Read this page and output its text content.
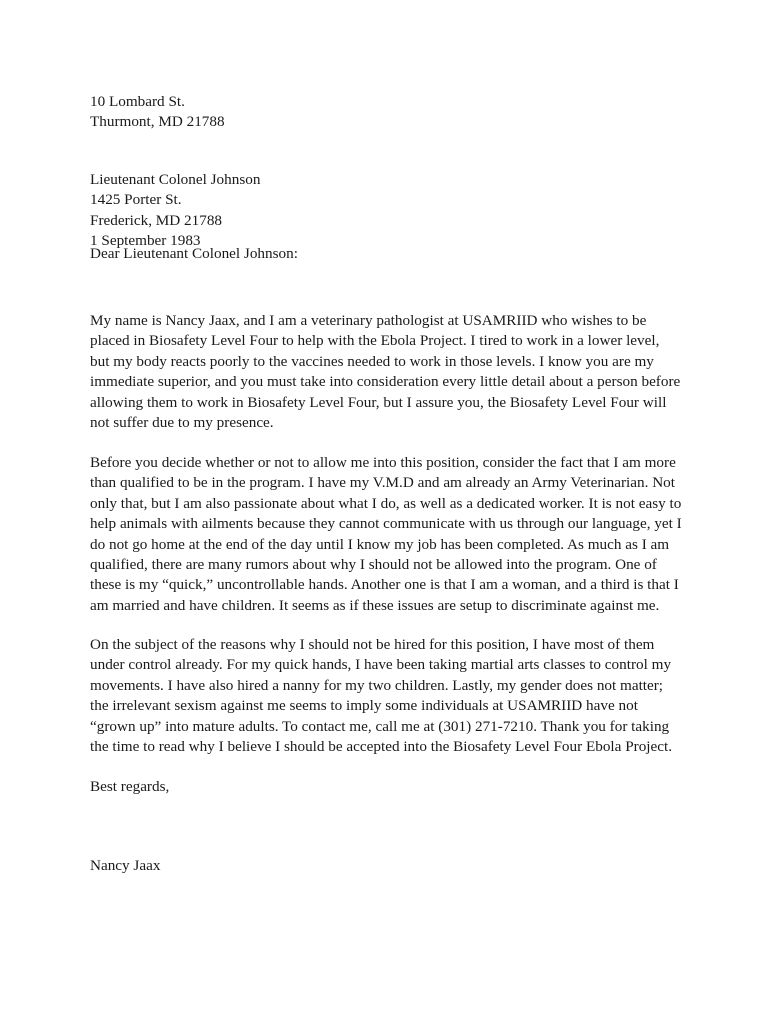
10 Lombard St.
Thurmont, MD 21788
Lieutenant Colonel Johnson
1425 Porter St.
Frederick, MD 21788
1 September 1983
Dear Lieutenant Colonel Johnson:
My name is Nancy Jaax, and I am a veterinary pathologist at USAMRIID who wishes to be
placed in Biosafety Level Four to help with the Ebola Project. I tired to work in a lower level,
but my body reacts poorly to the vaccines needed to work in those levels. I know you are my
immediate superior, and you must take into consideration every little detail about a person before
allowing them to work in Biosafety Level Four, but I assure you, the Biosafety Level Four will
not suffer due to my presence.
Before you decide whether or not to allow me into this position, consider the fact that I am more
than qualified to be in the program. I have my V.M.D and am already an Army Veterinarian. Not
only that, but I am also passionate about what I do, as well as a dedicated worker. It is not easy to
help animals with ailments because they cannot communicate with us through our language, yet I
do not go home at the end of the day until I know my job has been completed. As much as I am
qualified, there are many rumors about why I should not be allowed into the program. One of
these is my “quick,” uncontrollable hands. Another one is that I am a woman, and a third is that I
am married and have children. It seems as if these issues are setup to discriminate against me.
On the subject of the reasons why I should not be hired for this position, I have most of them
under control already. For my quick hands, I have been taking martial arts classes to control my
movements. I have also hired a nanny for my two children. Lastly, my gender does not matter;
the irrelevant sexism against me seems to imply some individuals at USAMRIID have not
“grown up” into mature adults. To contact me, call me at (301) 271-7210. Thank you for taking
the time to read why I believe I should be accepted into the Biosafety Level Four Ebola Project.
Best regards,
Nancy Jaax
